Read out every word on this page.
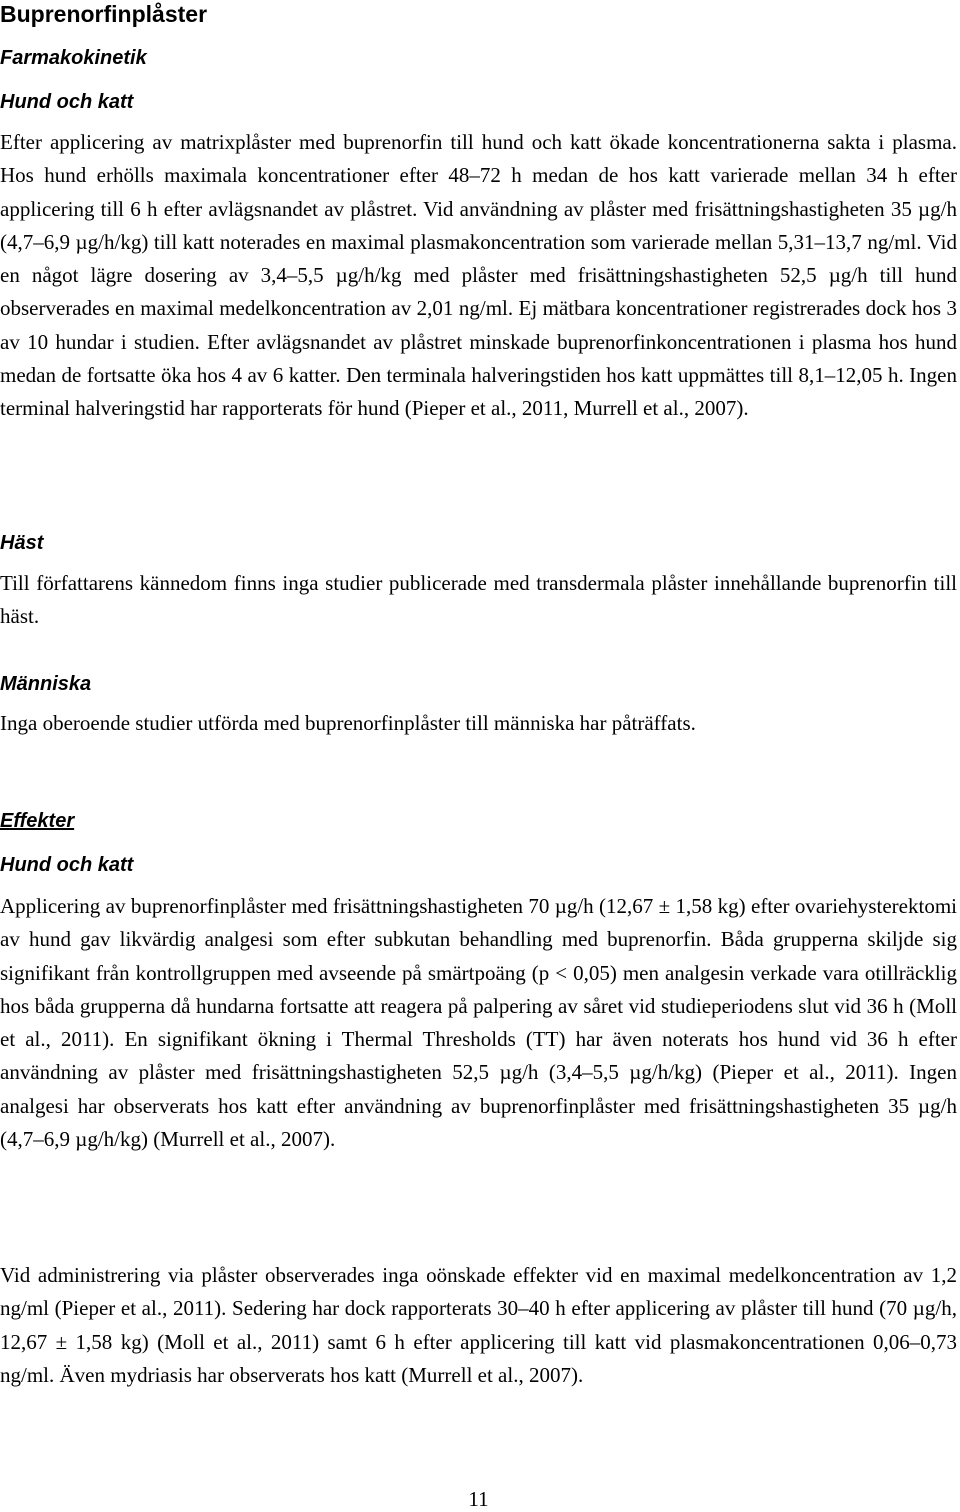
Buprenorfinplåster
Farmakokinetik
Hund och katt

Efter applicering av matrixplåster med buprenorfin till hund och katt ökade koncentrationerna sakta i plasma. Hos hund erhölls maximala koncentrationer efter 48–72 h medan de hos katt varierade mellan 34 h efter applicering till 6 h efter avlägsnandet av plåstret. Vid användning av plåster med frisättningshastigheten 35 µg/h (4,7–6,9 µg/h/kg) till katt noterades en maximal plasmakoncentration som varierade mellan 5,31–13,7 ng/ml. Vid en något lägre dosering av 3,4–5,5 µg/h/kg med plåster med frisättningshastigheten 52,5 µg/h till hund observerades en maximal medelkoncentration av 2,01 ng/ml. Ej mätbara koncentrationer registrerades dock hos 3 av 10 hundar i studien. Efter avlägsnandet av plåstret minskade buprenorfinkoncentrationen i plasma hos hund medan de fortsatte öka hos 4 av 6 katter. Den terminala halveringstiden hos katt uppmättes till 8,1–12,05 h. Ingen terminal halveringstid har rapporterats för hund (Pieper et al., 2011, Murrell et al., 2007).

Häst

Till författarens kännedom finns inga studier publicerade med transdermala plåster innehållande buprenorfin till häst.

Människa

Inga oberoende studier utförda med buprenorfinplåster till människa har påträffats.

Effekter
Hund och katt

Applicering av buprenorfinplåster med frisättningshastigheten 70 µg/h (12,67 ± 1,58 kg) efter ovariehysterektomi av hund gav likvärdig analgesi som efter subkutan behandling med buprenorfin. Båda grupperna skiljde sig signifikant från kontrollgruppen med avseende på smärtpoäng (p < 0,05) men analgesin verkade vara otillräcklig hos båda grupperna då hundarna fortsatte att reagera på palpering av såret vid studieperiodens slut vid 36 h (Moll et al., 2011). En signifikant ökning i Thermal Thresholds (TT) har även noterats hos hund vid 36 h efter användning av plåster med frisättningshastigheten 52,5 µg/h (3,4–5,5 µg/h/kg) (Pieper et al., 2011). Ingen analgesi har observerats hos katt efter användning av buprenorfinplåster med frisättningshastigheten 35 µg/h (4,7–6,9 µg/h/kg) (Murrell et al., 2007).

Vid administrering via plåster observerades inga oönskade effekter vid en maximal medelkoncentration av 1,2 ng/ml (Pieper et al., 2011). Sedering har dock rapporterats 30–40 h efter applicering av plåster till hund (70 µg/h, 12,67 ± 1,58 kg) (Moll et al., 2011) samt 6 h efter applicering till katt vid plasmakoncentrationen 0,06–0,73 ng/ml. Även mydriasis har observerats hos katt (Murrell et al., 2007).

11
